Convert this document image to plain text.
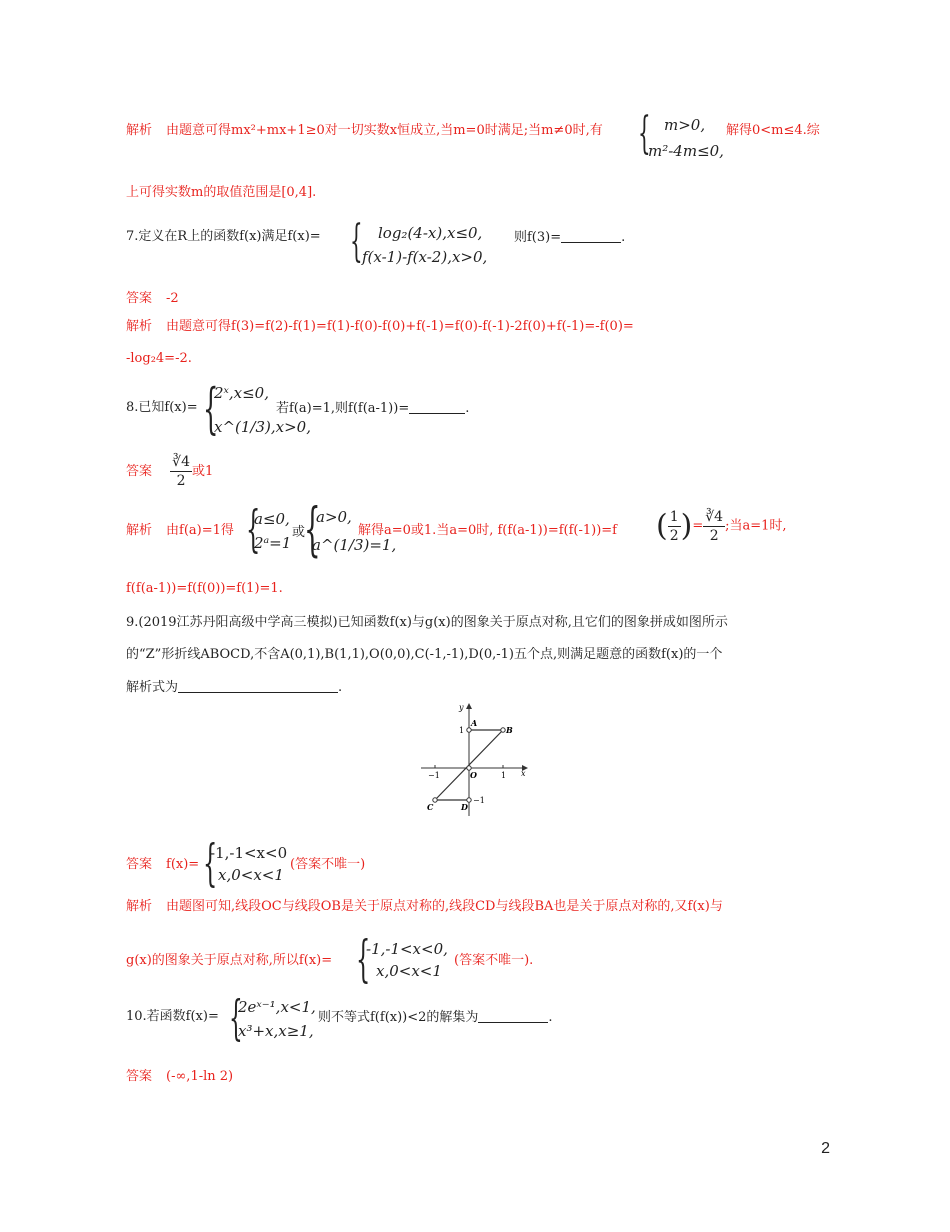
解析 由题意可得mx²+mx+1≥0对一切实数x恒成立,当m=0时满足;当m≠0时,有 { m>0,
m²-4m≤0,
解得0<m≤4.综
上可得实数m的取值范围是[0,4].
7.定义在R上的函数f(x)满足f(x)= { log₂(4-x),x≤0,
f(x-1)-f(x-2),x>0,
则f(3)=	.
答案 -2
解析 由题意可得f(3)=f(2)-f(1)=f(1)-f(0)-f(0)+f(-1)=f(0)-f(-1)-2f(0)+f(-1)=-f(0)=
-log₂4=-2.
8.已知f(x)= {
2ˣ,x≤0,
x^(1/3),x>0,
若f(a)=1,则f(f(a-1))=	.
答案 $\frac{∛4}{2}$ 或1
解析 由f(a)=1得 {
a≤0,
2ᵃ=1
或
{
a>0,
a^(1/3)=1,
解得a=0或1.当a=0时, f(f(a-1))=f(f(-1))=f ( $\frac{1}{2}$ )= $\frac{∛4}{2}$ ;当a=1时,
f(f(a-1))=f(f(0))=f(1)=1.
9.(2019江苏丹阳高级中学高三模拟)已知函数f(x)与g(x)的图象关于原点对称,且它们的图象拼成如图所示
的“Z”形折线ABOCD,不含A(0,1),B(1,1),O(0,0),C(-1,-1),D(0,-1)五个点,则满足题意的函数f(x)的一个
解析式为	.
y
x
A
B
O
C	D
1
−1
1
−1
答案 f(x)= {
-1,-1<x<0
x,0<x<1
(答案不唯一)
解析 由题图可知,线段OC与线段OB是关于原点对称的,线段CD与线段BA也是关于原点对称的,又f(x)与
g(x)的图象关于原点对称,所以f(x)= {
-1,-1<x<0,
x,0<x<1
(答案不唯一).
10.若函数f(x)= {
2eˣ⁻¹,x<1,
x³+x,x≥1,
则不等式f(f(x))<2的解集为	.
答案 (-∞,1-ln 2)
2
